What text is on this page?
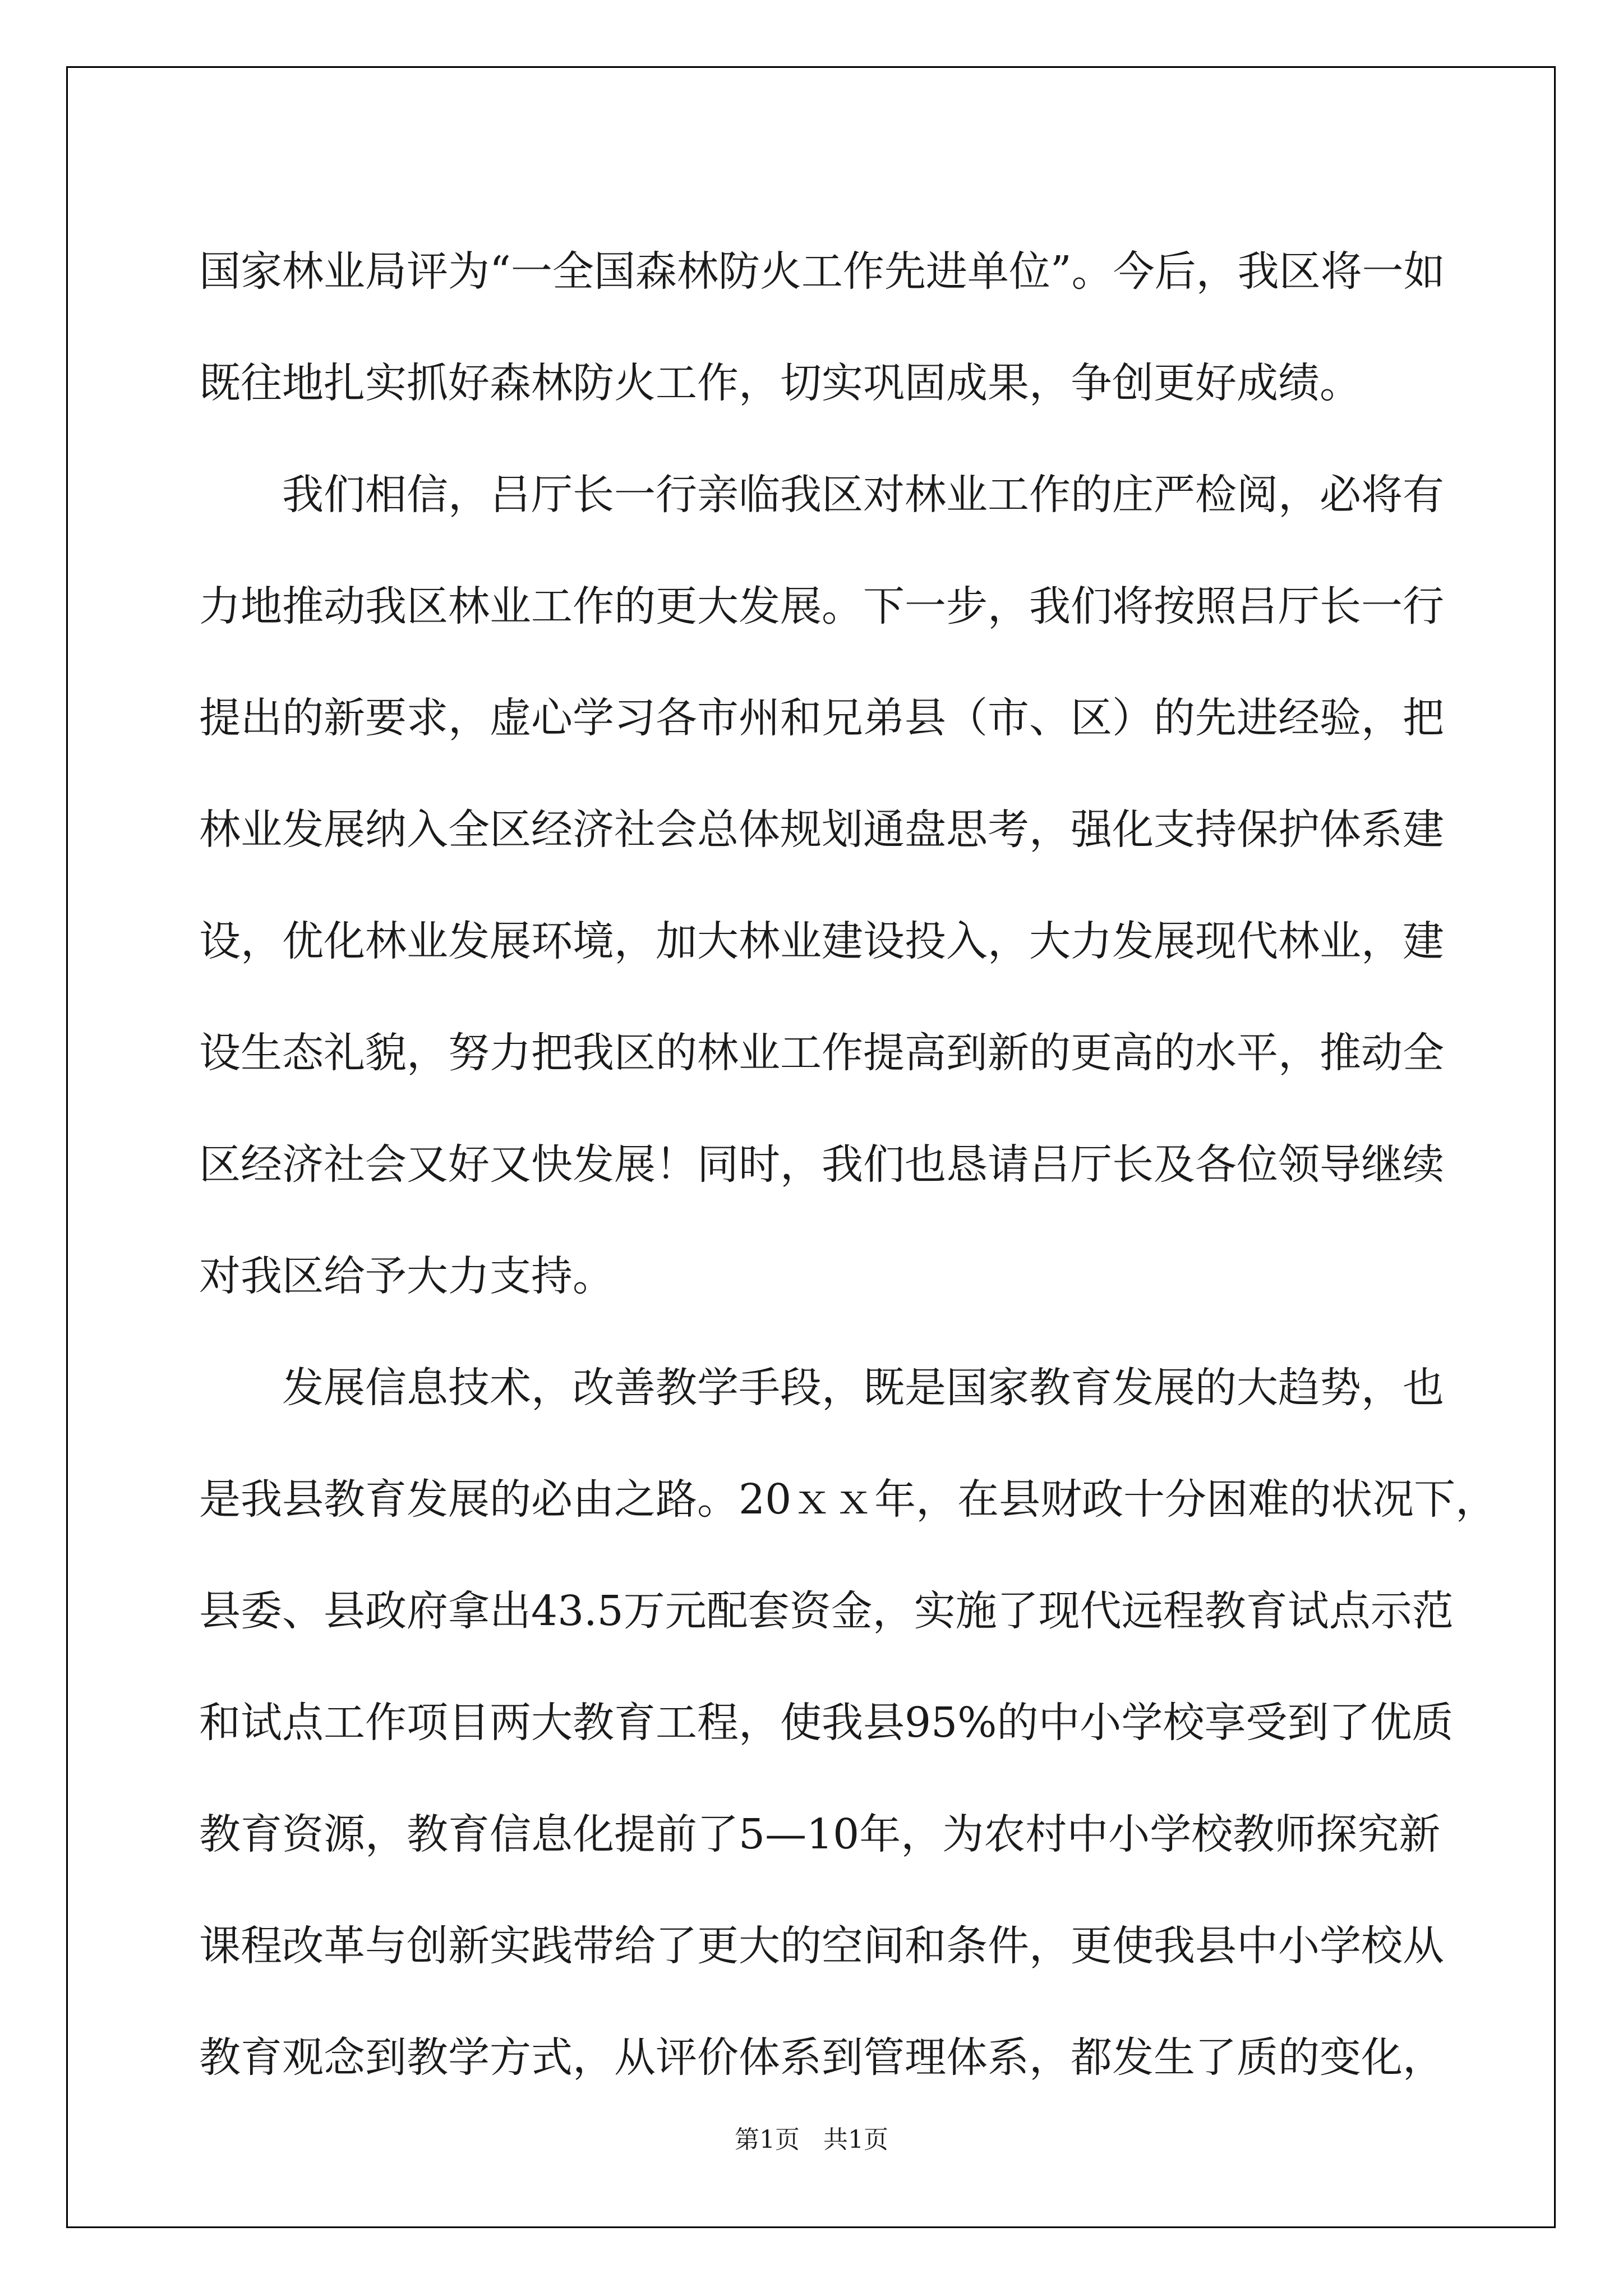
国家林业局评为“一全国森林防火工作先进单位”。今后，我区将一如
既往地扎实抓好森林防火工作，切实巩固成果，争创更好成绩。
我们相信，吕厅长一行亲临我区对林业工作的庄严检阅，必将有
力地推动我区林业工作的更大发展。下一步，我们将按照吕厅长一行
提出的新要求，虚心学习各市州和兄弟县（市、区）的先进经验，把
林业发展纳入全区经济社会总体规划通盘思考，强化支持保护体系建
设，优化林业发展环境，加大林业建设投入，大力发展现代林业，建
设生态礼貌，努力把我区的林业工作提高到新的更高的水平，推动全
区经济社会又好又快发展！同时，我们也恳请吕厅长及各位领导继续
对我区给予大力支持。
发展信息技术，改善教学手段，既是国家教育发展的大趋势，也
是我县教育发展的必由之路。20ｘｘ年，在县财政十分困难的状况下，
县委、县政府拿出43.5万元配套资金，实施了现代远程教育试点示范
和试点工作项目两大教育工程，使我县95%的中小学校享受到了优质
教育资源，教育信息化提前了5—10年，为农村中小学校教师探究新
课程改革与创新实践带给了更大的空间和条件，更使我县中小学校从
教育观念到教学方式，从评价体系到管理体系，都发生了质的变化，
第1页   共1页
